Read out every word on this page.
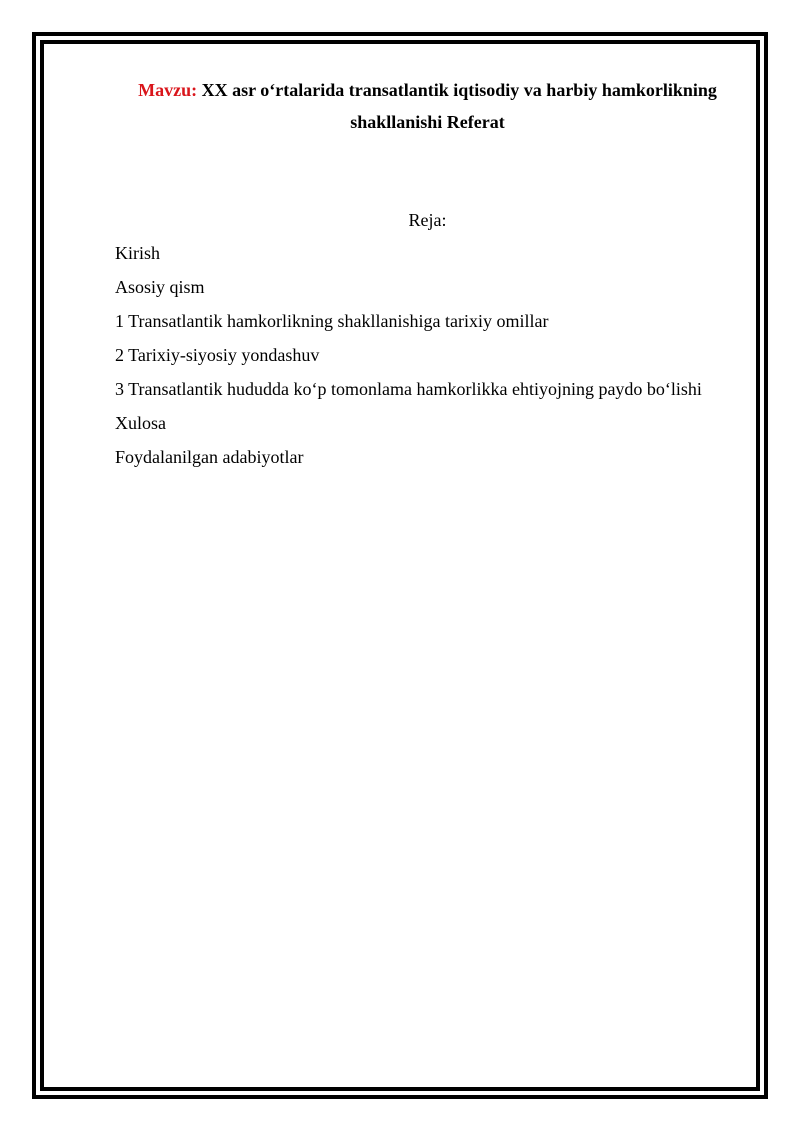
Mavzu: XX asr oʻrtalarida transatlantik iqtisodiy va harbiy hamkorlikning
shakllanishi Referat
Reja:
Kirish
Asosiy qism
1 Transatlantik hamkorlikning shakllanishiga tarixiy omillar
2 Tarixiy-siyosiy yondashuv
3 Transatlantik hududda koʻp tomonlama hamkorlikka ehtiyojning paydo boʻlishi
Xulosa
Foydalanilgan adabiyotlar
